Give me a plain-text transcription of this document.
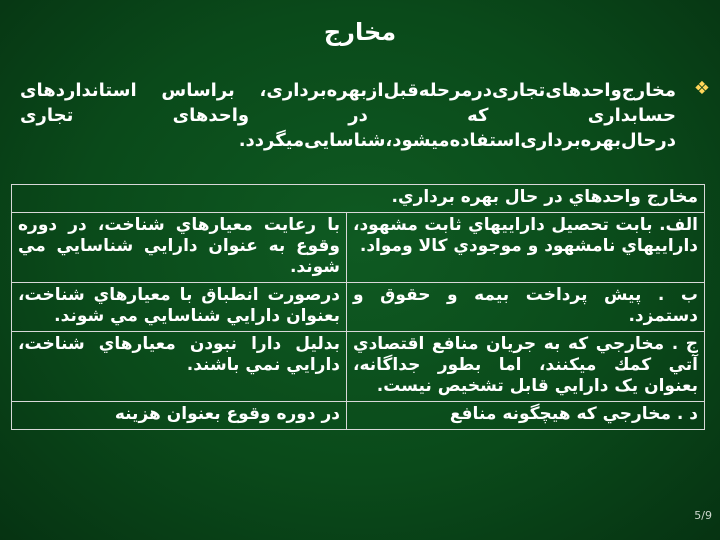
مخارج
❖
مخارج‌واحدهای‌تجاری‌درمرحله‌قبل‌ازبهره‌برداری، براساس استانداردهای حسابداری که در واحدهای تجاری درحال‌بهره‌برداری‌استفاده‌میشود،شناسایی‌میگردد.
مخارج واحدهاي در حال بهره برداري.	
الف. بابت تحصيل داراييهاي ثابت مشهود، داراييهاي نامشهود و موجودي كالا ومواد.	با رعايت معيارهاي شناخت، در دوره وقوع به عنوان دارايي شناسايي مي شوند.
ب . پيش پرداخت بيمه و حقوق و دستمزد.	درصورت انطباق با معيارهاي شناخت، بعنوان دارايي شناسايي مي شوند.
ج . مخارجي كه به جريان منافع اقتصادي آتي كمك ميكنند، اما بطور جداگانه، بعنوان يک دارايي قابل تشخيص نيست.	بدليل دارا نبودن معيارهاي شناخت، دارايي نمي باشند.
د . مخارجي كه هيچگونه منافع	در دوره وقوع بعنوان هزينه
5/9
